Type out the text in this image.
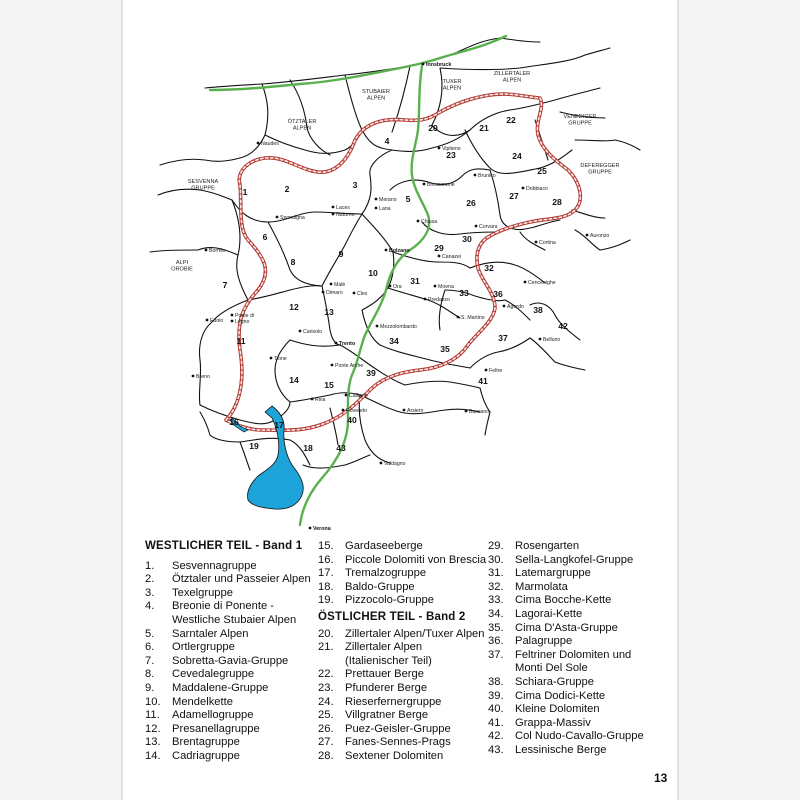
Innsbruck
Naudes
Vipiteno
Bressanone
Brunico
Dobbiaco
Laces
Merano
Lana
Naturno
Spondigna
Bormio
Chiusa
Bolzano
Cortina
Auronzo
Corvara
Canazei
Malè
Dimaro	Cles
Ora	Moena
Predazzo
Cencenighe
Agordo
Ponte di
Legno
Edolo	S. Martino
Carisolo
Mezzolombardo
Belluno
Trento
Tione
Ponte Arche
Feltre
Breno
Calliano
Riva
Rovereto	Arsiero	Bassano
Valdagno
Verona
SESVENNA GRUPPE
ÖTZTALER ALPEN
STUBAIER ALPEN
TUXER ALPEN
ZILLERTALER ALPEN
VENEDIGER GRUPPE
DEFEREGGER GRUPPE
ALPI OROBIE
1	2	3
4
5
6
7
8
9
10
11
12	13
14	15
16	17
18
19
20	21
22
23	24
25
26
27
28
29
30
31
32
33
34
35
36
37
38
39
40
41
42
43
WESTLICHER TEIL - Band 1
1.	Sesvennagruppe
2.	Ötztaler und Passeier Alpen
3.	Texelgruppe
4.	Breonie di Ponente -
Westliche Stubaier Alpen
5.	Sarntaler Alpen
6.	Ortlergruppe
7.	Sobretta-Gavia-Gruppe
8.	Cevedalegruppe
9.	Maddalene-Gruppe
10.	Mendelkette
11.	Adamellogruppe
12.	Presanellagruppe
13.	Brentagruppe
14.	Cadriagruppe
15.	Gardaseeberge
16.	Piccole Dolomiti von Brescia
17.	Tremalzogruppe
18.	Baldo-Gruppe
19.	Pizzocolo-Gruppe
ÖSTLICHER TEIL - Band 2
20.	Zillertaler Alpen/Tuxer Alpen
21.	Zillertaler Alpen
(Italienischer Teil)
22.	Prettauer Berge
23.	Pfunderer Berge
24.	Rieserfernergruppe
25.	Villgratner Berge
26.	Puez-Geisler-Gruppe
27.	Fanes-Sennes-Prags
28.	Sextener Dolomiten
29.	Rosengarten
30.	Sella-Langkofel-Gruppe
31.	Latemargruppe
32.	Marmolata
33.	Cima Bocche-Kette
34.	Lagorai-Kette
35.	Cima D'Asta-Gruppe
36.	Palagruppe
37.	Feltriner Dolomiten und
Monti Del Sole
38.	Schiara-Gruppe
39.	Cima Dodici-Kette
40.	Kleine Dolomiten
41.	Grappa-Massiv
42.	Col Nudo-Cavallo-Gruppe
43.	Lessinische Berge
13
